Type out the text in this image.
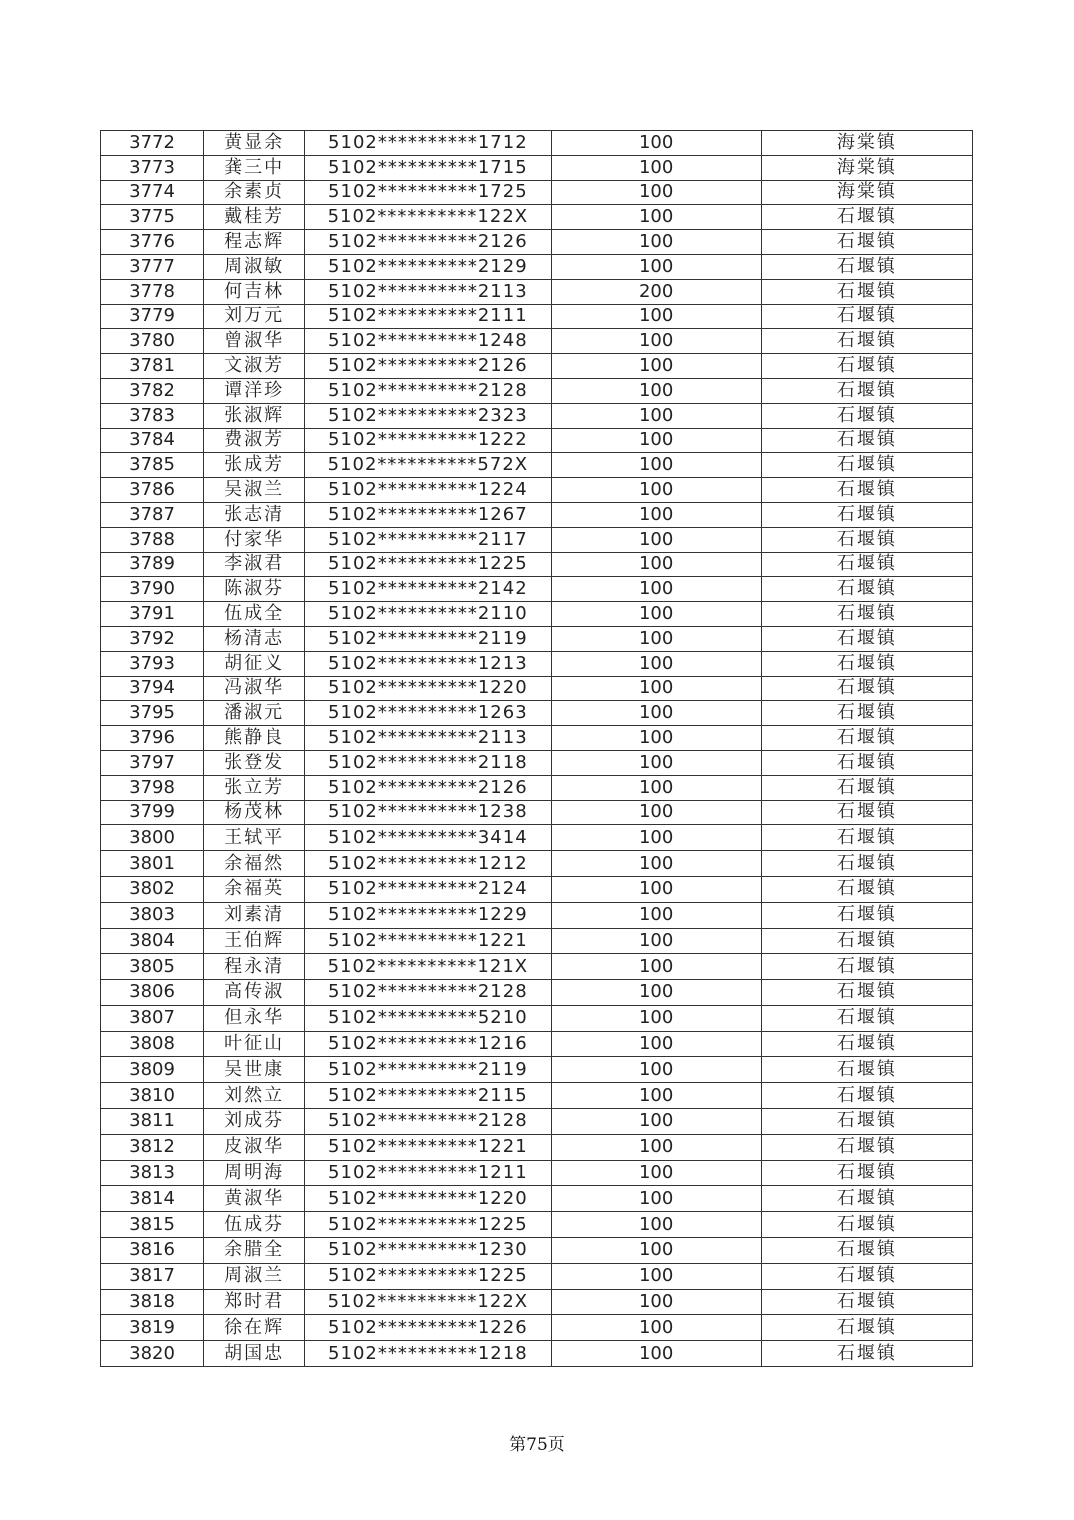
3772	黄显余	5102**********1712	100	海棠镇
3773	龚三中	5102**********1715	100	海棠镇
3774	余素贞	5102**********1725	100	海棠镇
3775	戴桂芳	5102**********122X	100	石堰镇
3776	程志辉	5102**********2126	100	石堰镇
3777	周淑敏	5102**********2129	100	石堰镇
3778	何吉林	5102**********2113	200	石堰镇
3779	刘万元	5102**********2111	100	石堰镇
3780	曾淑华	5102**********1248	100	石堰镇
3781	文淑芳	5102**********2126	100	石堰镇
3782	谭洋珍	5102**********2128	100	石堰镇
3783	张淑辉	5102**********2323	100	石堰镇
3784	费淑芳	5102**********1222	100	石堰镇
3785	张成芳	5102**********572X	100	石堰镇
3786	吴淑兰	5102**********1224	100	石堰镇
3787	张志清	5102**********1267	100	石堰镇
3788	付家华	5102**********2117	100	石堰镇
3789	李淑君	5102**********1225	100	石堰镇
3790	陈淑芬	5102**********2142	100	石堰镇
3791	伍成全	5102**********2110	100	石堰镇
3792	杨清志	5102**********2119	100	石堰镇
3793	胡征义	5102**********1213	100	石堰镇
3794	冯淑华	5102**********1220	100	石堰镇
3795	潘淑元	5102**********1263	100	石堰镇
3796	熊静良	5102**********2113	100	石堰镇
3797	张登发	5102**********2118	100	石堰镇
3798	张立芳	5102**********2126	100	石堰镇
3799	杨茂林	5102**********1238	100	石堰镇
3800	王轼平	5102**********3414	100	石堰镇
3801	余福然	5102**********1212	100	石堰镇
3802	余福英	5102**********2124	100	石堰镇
3803	刘素清	5102**********1229	100	石堰镇
3804	王伯辉	5102**********1221	100	石堰镇
3805	程永清	5102**********121X	100	石堰镇
3806	高传淑	5102**********2128	100	石堰镇
3807	但永华	5102**********5210	100	石堰镇
3808	叶征山	5102**********1216	100	石堰镇
3809	吴世康	5102**********2119	100	石堰镇
3810	刘然立	5102**********2115	100	石堰镇
3811	刘成芬	5102**********2128	100	石堰镇
3812	皮淑华	5102**********1221	100	石堰镇
3813	周明海	5102**********1211	100	石堰镇
3814	黄淑华	5102**********1220	100	石堰镇
3815	伍成芬	5102**********1225	100	石堰镇
3816	余腊全	5102**********1230	100	石堰镇
3817	周淑兰	5102**********1225	100	石堰镇
3818	郑时君	5102**********122X	100	石堰镇
3819	徐在辉	5102**********1226	100	石堰镇
3820	胡国忠	5102**********1218	100	石堰镇
第75页
